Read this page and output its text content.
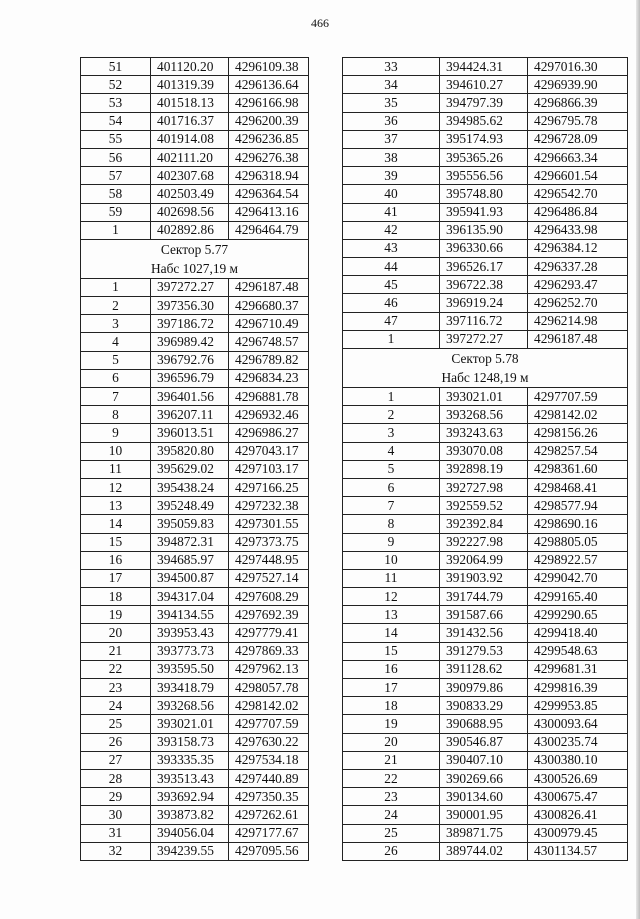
466
51	401120.20	4296109.38
52	401319.39	4296136.64
53	401518.13	4296166.98
54	401716.37	4296200.39
55	401914.08	4296236.85
56	402111.20	4296276.38
57	402307.68	4296318.94
58	402503.49	4296364.54
59	402698.56	4296413.16
1	402892.86	4296464.79

Сектор 5.77
Набс 1027,19 м		

1	397272.27	4296187.48
2	397356.30	4296680.37
3	397186.72	4296710.49
4	396989.42	4296748.57
5	396792.76	4296789.82
6	396596.79	4296834.23
7	396401.56	4296881.78
8	396207.11	4296932.46
9	396013.51	4296986.27
10	395820.80	4297043.17
11	395629.02	4297103.17
12	395438.24	4297166.25
13	395248.49	4297232.38
14	395059.83	4297301.55
15	394872.31	4297373.75
16	394685.97	4297448.95
17	394500.87	4297527.14
18	394317.04	4297608.29
19	394134.55	4297692.39
20	393953.43	4297779.41
21	393773.73	4297869.33
22	393595.50	4297962.13
23	393418.79	4298057.78
24	393268.56	4298142.02
25	393021.01	4297707.59
26	393158.73	4297630.22
27	393335.35	4297534.18
28	393513.43	4297440.89
29	393692.94	4297350.35
30	393873.82	4297262.61
31	394056.04	4297177.67
32	394239.55	4297095.56
33	394424.31	4297016.30
34	394610.27	4296939.90
35	394797.39	4296866.39
36	394985.62	4296795.78
37	395174.93	4296728.09
38	395365.26	4296663.34
39	395556.56	4296601.54
40	395748.80	4296542.70
41	395941.93	4296486.84
42	396135.90	4296433.98
43	396330.66	4296384.12
44	396526.17	4296337.28
45	396722.38	4296293.47
46	396919.24	4296252.70
47	397116.72	4296214.98
1	397272.27	4296187.48

Сектор 5.78
Набс 1248,19 м		

1	393021.01	4297707.59
2	393268.56	4298142.02
3	393243.63	4298156.26
4	393070.08	4298257.54
5	392898.19	4298361.60
6	392727.98	4298468.41
7	392559.52	4298577.94
8	392392.84	4298690.16
9	392227.98	4298805.05
10	392064.99	4298922.57
11	391903.92	4299042.70
12	391744.79	4299165.40
13	391587.66	4299290.65
14	391432.56	4299418.40
15	391279.53	4299548.63
16	391128.62	4299681.31
17	390979.86	4299816.39
18	390833.29	4299953.85
19	390688.95	4300093.64
20	390546.87	4300235.74
21	390407.10	4300380.10
22	390269.66	4300526.69
23	390134.60	4300675.47
24	390001.95	4300826.41
25	389871.75	4300979.45
26	389744.02	4301134.57
